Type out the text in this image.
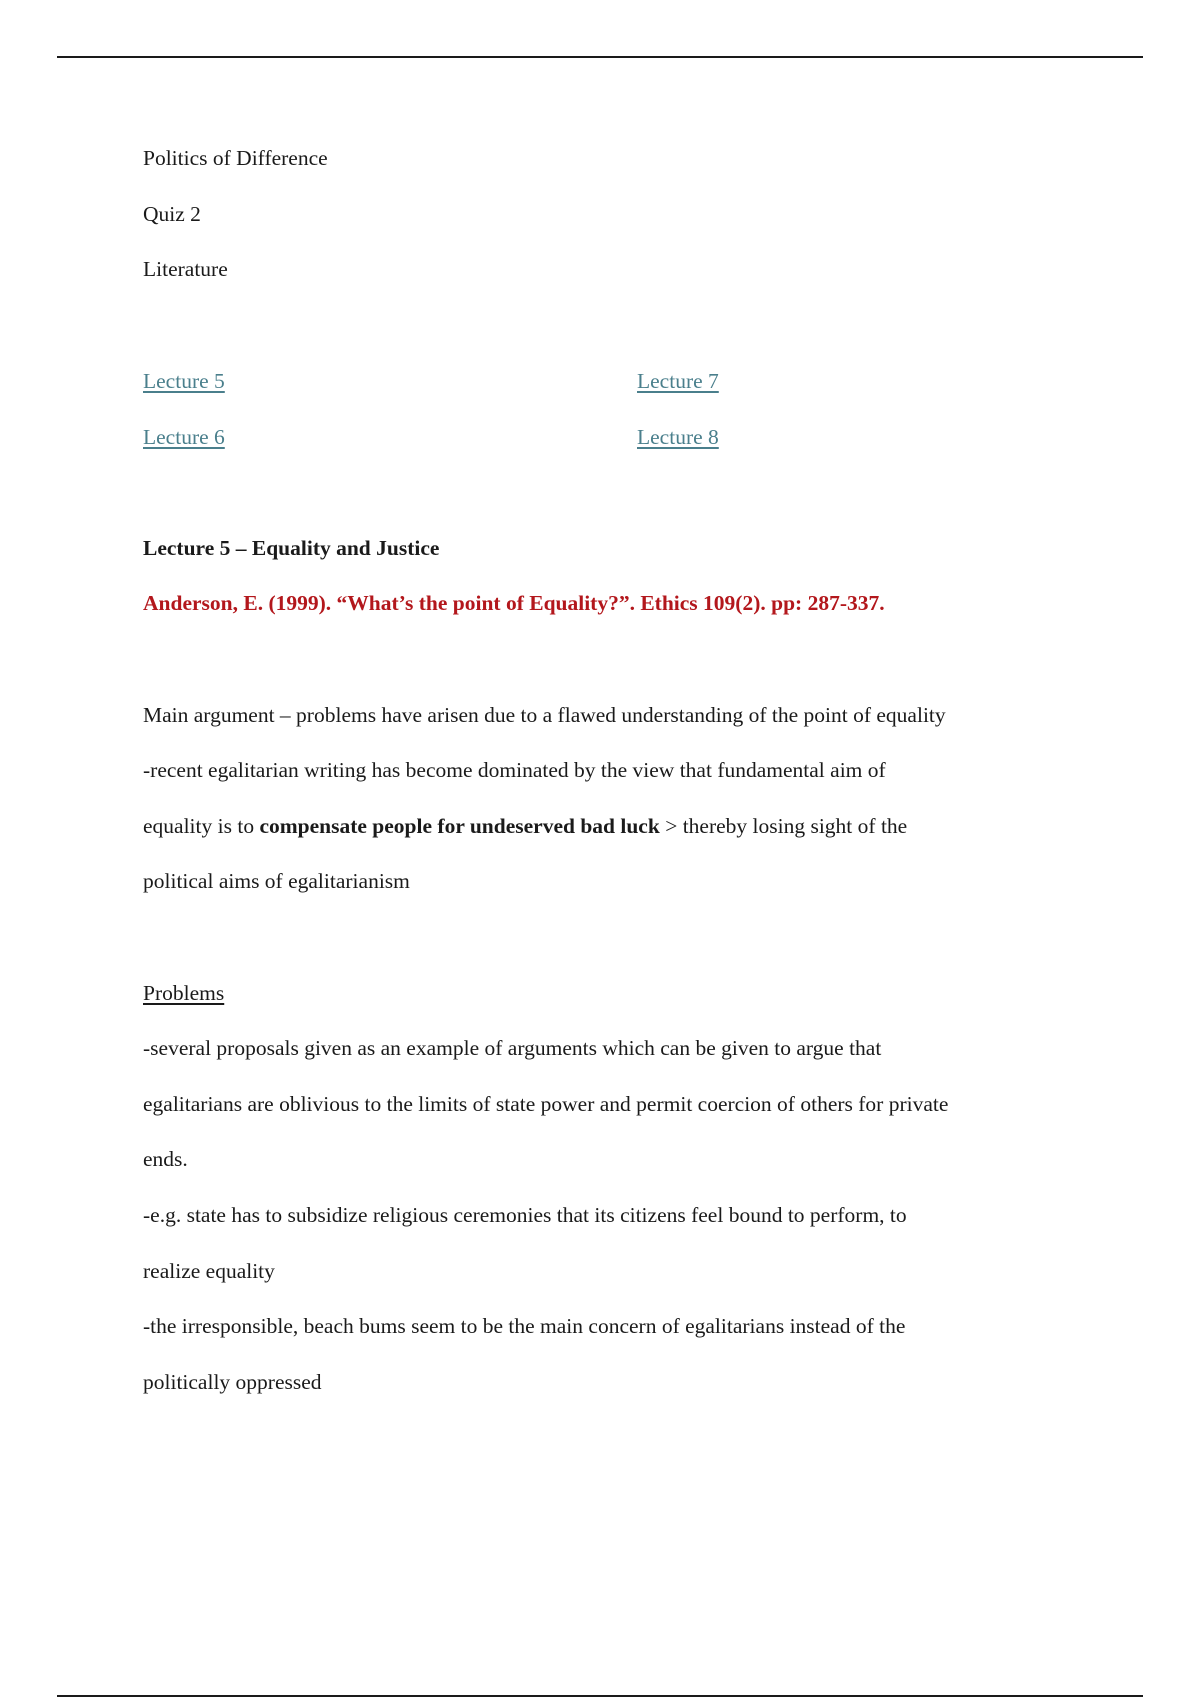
Politics of Difference
Quiz 2
Literature
Lecture 5	Lecture 7
Lecture 6	Lecture 8
Lecture 5 – Equality and Justice
Anderson, E. (1999). “What’s the point of Equality?”. Ethics 109(2). pp: 287-337.
Main argument – problems have arisen due to a flawed understanding of the point of equality
-recent egalitarian writing has become dominated by the view that fundamental aim of
equality is to compensate people for undeserved bad luck > thereby losing sight of the
political aims of egalitarianism
Problems
-several proposals given as an example of arguments which can be given to argue that
egalitarians are oblivious to the limits of state power and permit coercion of others for private
ends.
-e.g. state has to subsidize religious ceremonies that its citizens feel bound to perform, to
realize equality
-the irresponsible, beach bums seem to be the main concern of egalitarians instead of the
politically oppressed
